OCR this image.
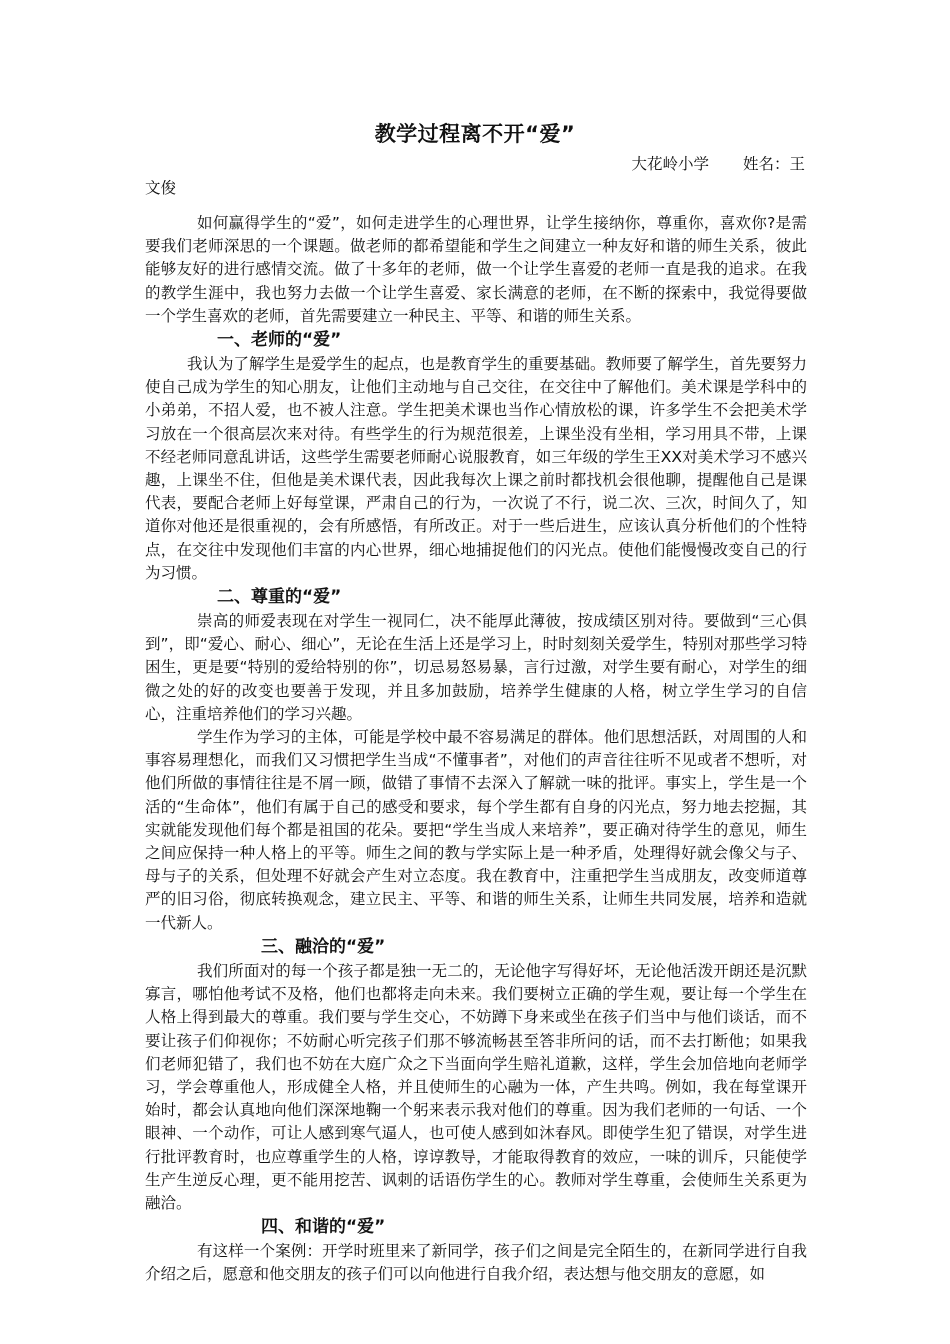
教学过程离不开“爱”
大花岭小学 姓名：王
文俊

如何赢得学生的“爱”，如何走进学生的心理世界，让学生接纳你，尊重你，喜欢你?是需要我们老师深思的一个课题。做老师的都希望能和学生之间建立一种友好和谐的师生关系，彼此能够友好的进行感情交流。做了十多年的老师，做一个让学生喜爱的老师一直是我的追求。在我的教学生涯中，我也努力去做一个让学生喜爱、家长满意的老师，在不断的探索中，我觉得要做一个学生喜欢的老师，首先需要建立一种民主、平等、和谐的师生关系。

一、老师的“爱”

我认为了解学生是爱学生的起点，也是教育学生的重要基础。教师要了解学生，首先要努力使自己成为学生的知心朋友，让他们主动地与自己交往，在交往中了解他们。美术课是学科中的小弟弟，不招人爱，也不被人注意。学生把美术课也当作心情放松的课，许多学生不会把美术学习放在一个很高层次来对待。有些学生的行为规范很差，上课坐没有坐相，学习用具不带，上课不经老师同意乱讲话，这些学生需要老师耐心说服教育，如三年级的学生王XX对美术学习不感兴趣，上课坐不住，但他是美术课代表，因此我每次上课之前时都找机会很他聊，提醒他自己是课代表，要配合老师上好每堂课，严肃自己的行为，一次说了不行，说二次、三次，时间久了，知道你对他还是很重视的，会有所感悟，有所改正。对于一些后进生，应该认真分析他们的个性特点，在交往中发现他们丰富的内心世界，细心地捕捉他们的闪光点。使他们能慢慢改变自己的行为习惯。

二、尊重的“爱”

崇高的师爱表现在对学生一视同仁，决不能厚此薄彼，按成绩区别对待。要做到“三心俱到”，即“爱心、耐心、细心”，无论在生活上还是学习上，时时刻刻关爱学生，特别对那些学习特困生，更是要“特别的爱给特别的你”，切忌易怒易暴，言行过激，对学生要有耐心，对学生的细微之处的好的改变也要善于发现，并且多加鼓励，培养学生健康的人格，树立学生学习的自信心，注重培养他们的学习兴趣。

学生作为学习的主体，可能是学校中最不容易满足的群体。他们思想活跃，对周围的人和事容易理想化，而我们又习惯把学生当成“不懂事者”，对他们的声音往往听不见或者不想听，对他们所做的事情往往是不屑一顾，做错了事情不去深入了解就一味的批评。事实上，学生是一个活的“生命体”，他们有属于自己的感受和要求，每个学生都有自身的闪光点，努力地去挖掘，其实就能发现他们每个都是祖国的花朵。要把“学生当成人来培养”，要正确对待学生的意见，师生之间应保持一种人格上的平等。师生之间的教与学实际上是一种矛盾，处理得好就会像父与子、母与子的关系，但处理不好就会产生对立态度。我在教育中，注重把学生当成朋友，改变师道尊严的旧习俗，彻底转换观念，建立民主、平等、和谐的师生关系，让师生共同发展，培养和造就一代新人。

三、融洽的“爱”

我们所面对的每一个孩子都是独一无二的，无论他字写得好坏，无论他活泼开朗还是沉默寡言，哪怕他考试不及格，他们也都将走向未来。我们要树立正确的学生观，要让每一个学生在人格上得到最大的尊重。我们要与学生交心，不妨蹲下身来或坐在孩子们当中与他们谈话，而不要让孩子们仰视你；不妨耐心听完孩子们那不够流畅甚至答非所问的话，而不去打断他；如果我们老师犯错了，我们也不妨在大庭广众之下当面向学生赔礼道歉，这样，学生会加倍地向老师学习，学会尊重他人，形成健全人格，并且使师生的心融为一体，产生共鸣。例如，我在每堂课开始时，都会认真地向他们深深地鞠一个躬来表示我对他们的尊重。因为我们老师的一句话、一个眼神、一个动作，可让人感到寒气逼人，也可使人感到如沐春风。即使学生犯了错误，对学生进行批评教育时，也应尊重学生的人格，谆谆教导，才能取得教育的效应，一味的训斥，只能使学生产生逆反心理，更不能用挖苦、讽刺的话语伤学生的心。教师对学生尊重，会使师生关系更为融洽。

四、和谐的“爱”

有这样一个案例：开学时班里来了新同学，孩子们之间是完全陌生的，在新同学进行自我介绍之后，愿意和他交朋友的孩子们可以向他进行自我介绍，表达想与他交朋友的意愿，如
